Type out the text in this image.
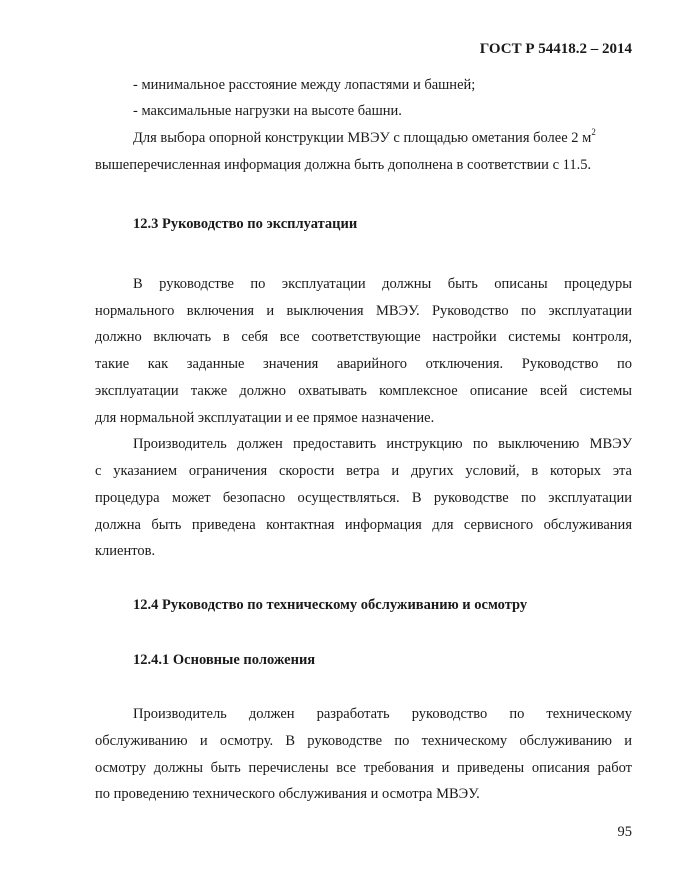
ГОСТ Р 54418.2 – 2014
- минимальное расстояние между лопастями и башней;
- максимальные нагрузки на высоте башни.
Для выбора опорной конструкции МВЭУ с площадью ометания более 2 $м^2$
вышеперечисленная информация должна быть дополнена в соответствии с 11.5.
12.3 Руководство по эксплуатации
В руководстве по эксплуатации должны быть описаны процедуры
нормального включения и выключения МВЭУ. Руководство по эксплуатации
должно включать в себя все соответствующие настройки системы контроля,
такие как заданные значения аварийного отключения. Руководство по
эксплуатации также должно охватывать комплексное описание всей системы
для нормальной эксплуатации и ее прямое назначение.
Производитель должен предоставить инструкцию по выключению МВЭУ
с указанием ограничения скорости ветра и других условий, в которых эта
процедура может безопасно осуществляться. В руководстве по эксплуатации
должна быть приведена контактная информация для сервисного обслуживания
клиентов.
12.4 Руководство по техническому обслуживанию и осмотру
12.4.1 Основные положения
Производитель должен разработать руководство по техническому
обслуживанию и осмотру. В руководстве по техническому обслуживанию и
осмотру должны быть перечислены все требования и приведены описания работ
по проведению технического обслуживания и осмотра МВЭУ.
95
